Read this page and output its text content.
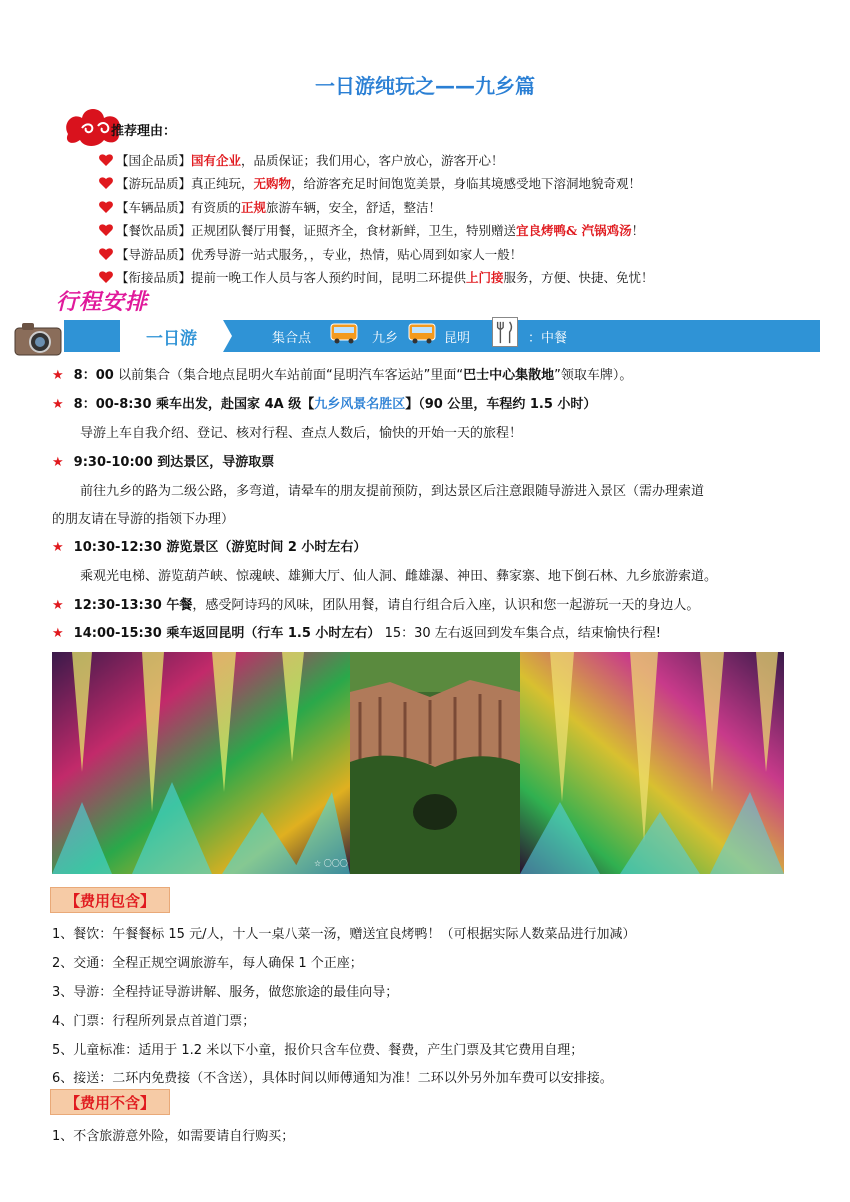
一日游纯玩之——九乡篇
推荐理由：
【国企品质】 国有企业 ，品质保证；我们用心，客户放心，游客开心！
【游玩品质】 真正纯玩， 无购物 ，给游客充足时间饱览美景，身临其境感受地下溶洞地貌奇观！
【车辆品质】 有资质的 正规 旅游车辆，安全，舒适，整洁！
【餐饮品质】 正规团队餐厅用餐，证照齐全，食材新鲜，卫生，特别赠送 宜良烤鸭& 汽锅鸡汤 ！
【导游品质】 优秀导游一站式服务，，专业，热情，贴心周到如家人一般！
【衔接品质】 提前一晚工作人员与客人预约时间，昆明二环提供 上门接 服务，方便、快捷、免忧！
行程安排
一日游	集合点	九乡	昆明	：中餐
★ 8：00 以前集合（集合地点昆明火车站前面“昆明汽车客运站”里面“巴士中心集散地”领取车牌）。
★ 8：00-8:30 乘车出发，赴国家 4A 级【九乡风景名胜区】（90 公里，车程约 1.5 小时）
导游上车自我介绍、登记、核对行程、查点人数后，愉快的开始一天的旅程！
★ 9:30-10:00 到达景区，导游取票
前往九乡的路为二级公路，多弯道，请晕车的朋友提前预防，到达景区后注意跟随导游进入景区（需办理索道
的朋友请在导游的指领下办理）
★ 10:30-12:30 游览景区（游览时间 2 小时左右）
乘观光电梯、游览葫芦峡、惊魂峡、雄狮大厅、仙人洞、雌雄瀑、神田、彝家寨、地下倒石林、九乡旅游索道。
★ 12:30-13:30 午餐，感受阿诗玛的风味，团队用餐，请自行组合后入座，认识和您一起游玩一天的身边人。
★ 14:00-15:30 乘车返回昆明（行车 1.5 小时左右） 15：30 左右返回到发车集合点，结束愉快行程!
☆ 〇〇〇
【费用包含】
1、餐饮：午餐餐标 15 元/人，十人一桌八菜一汤，赠送宜良烤鸭！（可根据实际人数菜品进行加减）
2、交通：全程正规空调旅游车，每人确保 1 个正座；
3、导游：全程持证导游讲解、服务，做您旅途的最佳向导；
4、门票：行程所列景点首道门票；
5、儿童标准：适用于 1.2 米以下小童，报价只含车位费、餐费，产生门票及其它费用自理；
6、接送：二环内免费接（不含送），具体时间以师傅通知为准！二环以外另外加车费可以安排接。
【费用不含】
1、不含旅游意外险，如需要请自行购买；
